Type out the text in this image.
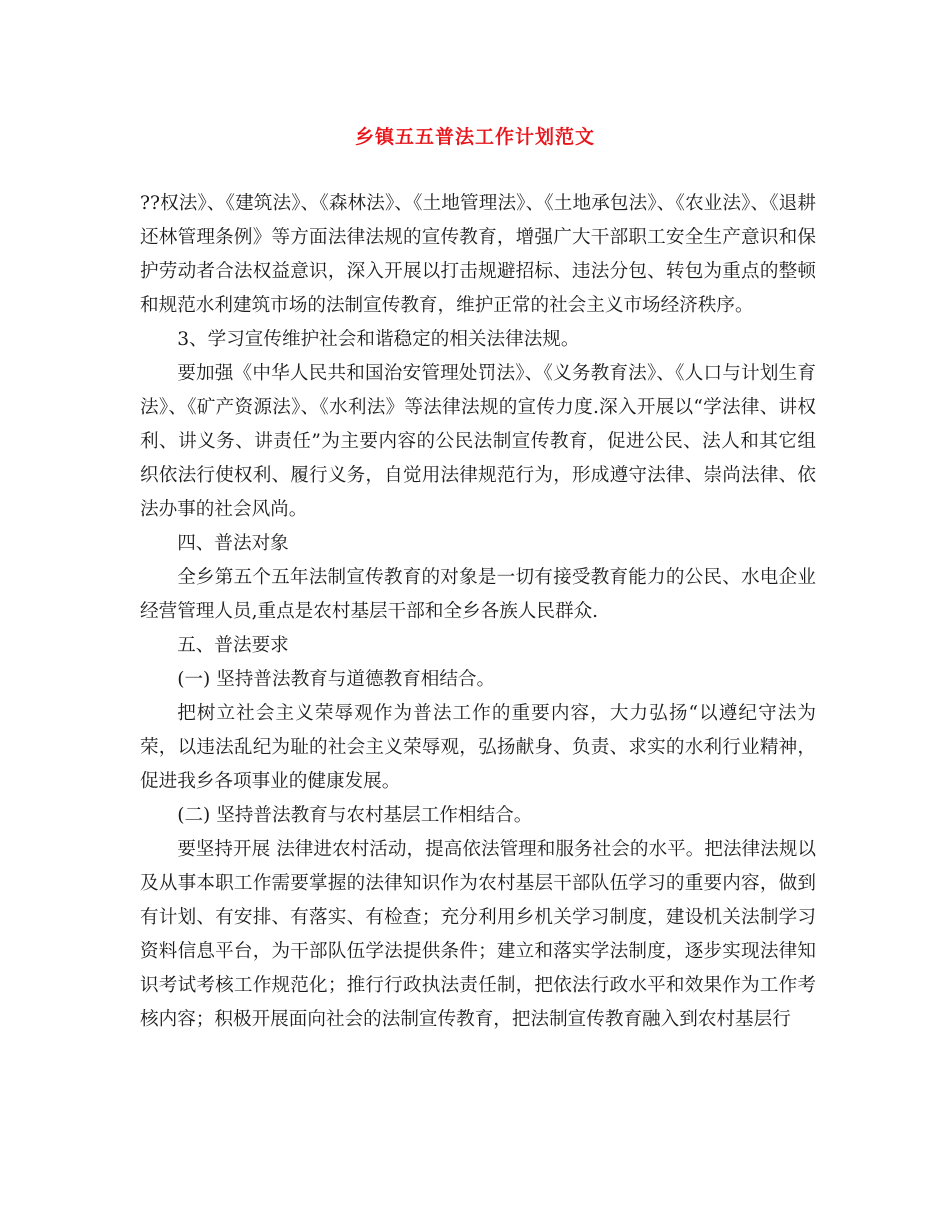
乡镇五五普法工作计划范文

??权法》、《建筑法》、《森林法》、《土地管理法》、《土地承包法》、《农业法》、《退耕还林管理条例》等方面法律法规的宣传教育，增强广大干部职工安全生产意识和保护劳动者合法权益意识，深入开展以打击规避招标、违法分包、转包为重点的整顿和规范水利建筑市场的法制宣传教育，维护正常的社会主义市场经济秩序。

3、学习宣传维护社会和谐稳定的相关法律法规。

要加强《中华人民共和国治安管理处罚法》、《义务教育法》、《人口与计划生育法》、《矿产资源法》、《水利法》等法律法规的宣传力度.深入开展以“学法律、讲权利、讲义务、讲责任”为主要内容的公民法制宣传教育，促进公民、法人和其它组织依法行使权利、履行义务，自觉用法律规范行为，形成遵守法律、崇尚法律、依法办事的社会风尚。

四、普法对象

全乡第五个五年法制宣传教育的对象是一切有接受教育能力的公民、水电企业经营管理人员,重点是农村基层干部和全乡各族人民群众.

五、普法要求

(一) 坚持普法教育与道德教育相结合。

把树立社会主义荣辱观作为普法工作的重要内容，大力弘扬“以遵纪守法为荣，以违法乱纪为耻的社会主义荣辱观，弘扬献身、负责、求实的水利行业精神，促进我乡各项事业的健康发展。

(二) 坚持普法教育与农村基层工作相结合。

要坚持开展 法律进农村活动，提高依法管理和服务社会的水平。把法律法规以及从事本职工作需要掌握的法律知识作为农村基层干部队伍学习的重要内容，做到有计划、有安排、有落实、有检查；充分利用乡机关学习制度，建设机关法制学习资料信息平台，为干部队伍学法提供条件；建立和落实学法制度，逐步实现法律知识考试考核工作规范化；推行行政执法责任制，把依法行政水平和效果作为工作考核内容；积极开展面向社会的法制宣传教育，把法制宣传教育融入到农村基层行
